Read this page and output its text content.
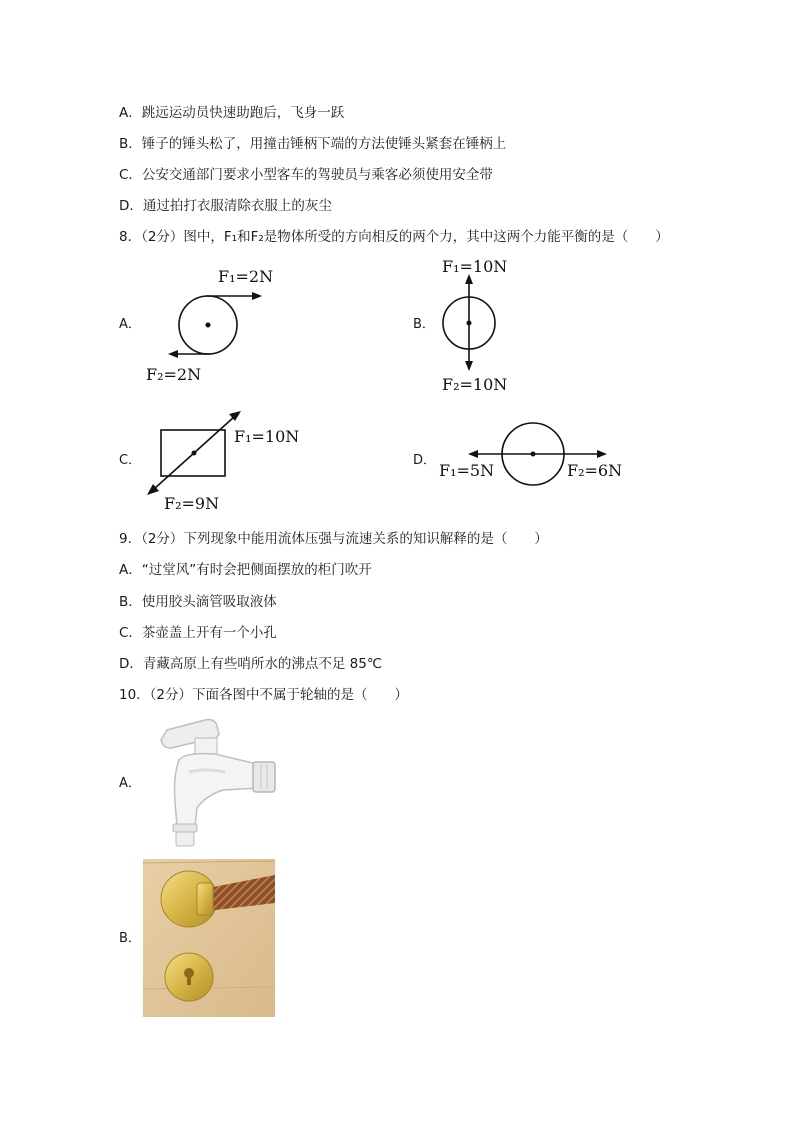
A．跳远运动员快速助跑后，飞身一跃
B．锤子的锤头松了，用撞击锤柄下端的方法使锤头紧套在锤柄上
C．公安交通部门要求小型客车的驾驶员与乘客必须使用安全带
D．通过拍打衣服清除衣服上的灰尘
8．（2分）图中，F₁和F₂是物体所受的方向相反的两个力，其中这两个力能平衡的是（　　）
A．
F₁=2N
F₂=2N
B．
F₁=10N
F₂=10N
C．
F₁=10N
F₂=9N
D．
F₁=5N	F₂=6N
9．（2分）下列现象中能用流体压强与流速关系的知识解释的是（　　）
A．“过堂风”有时会把侧面摆放的柜门吹开
B．使用胶头滴管吸取液体
C．茶壶盖上开有一个小孔
D．青藏高原上有些哨所水的沸点不足 85℃
10．（2分）下面各图中不属于轮轴的是（　　）
A．
B．
